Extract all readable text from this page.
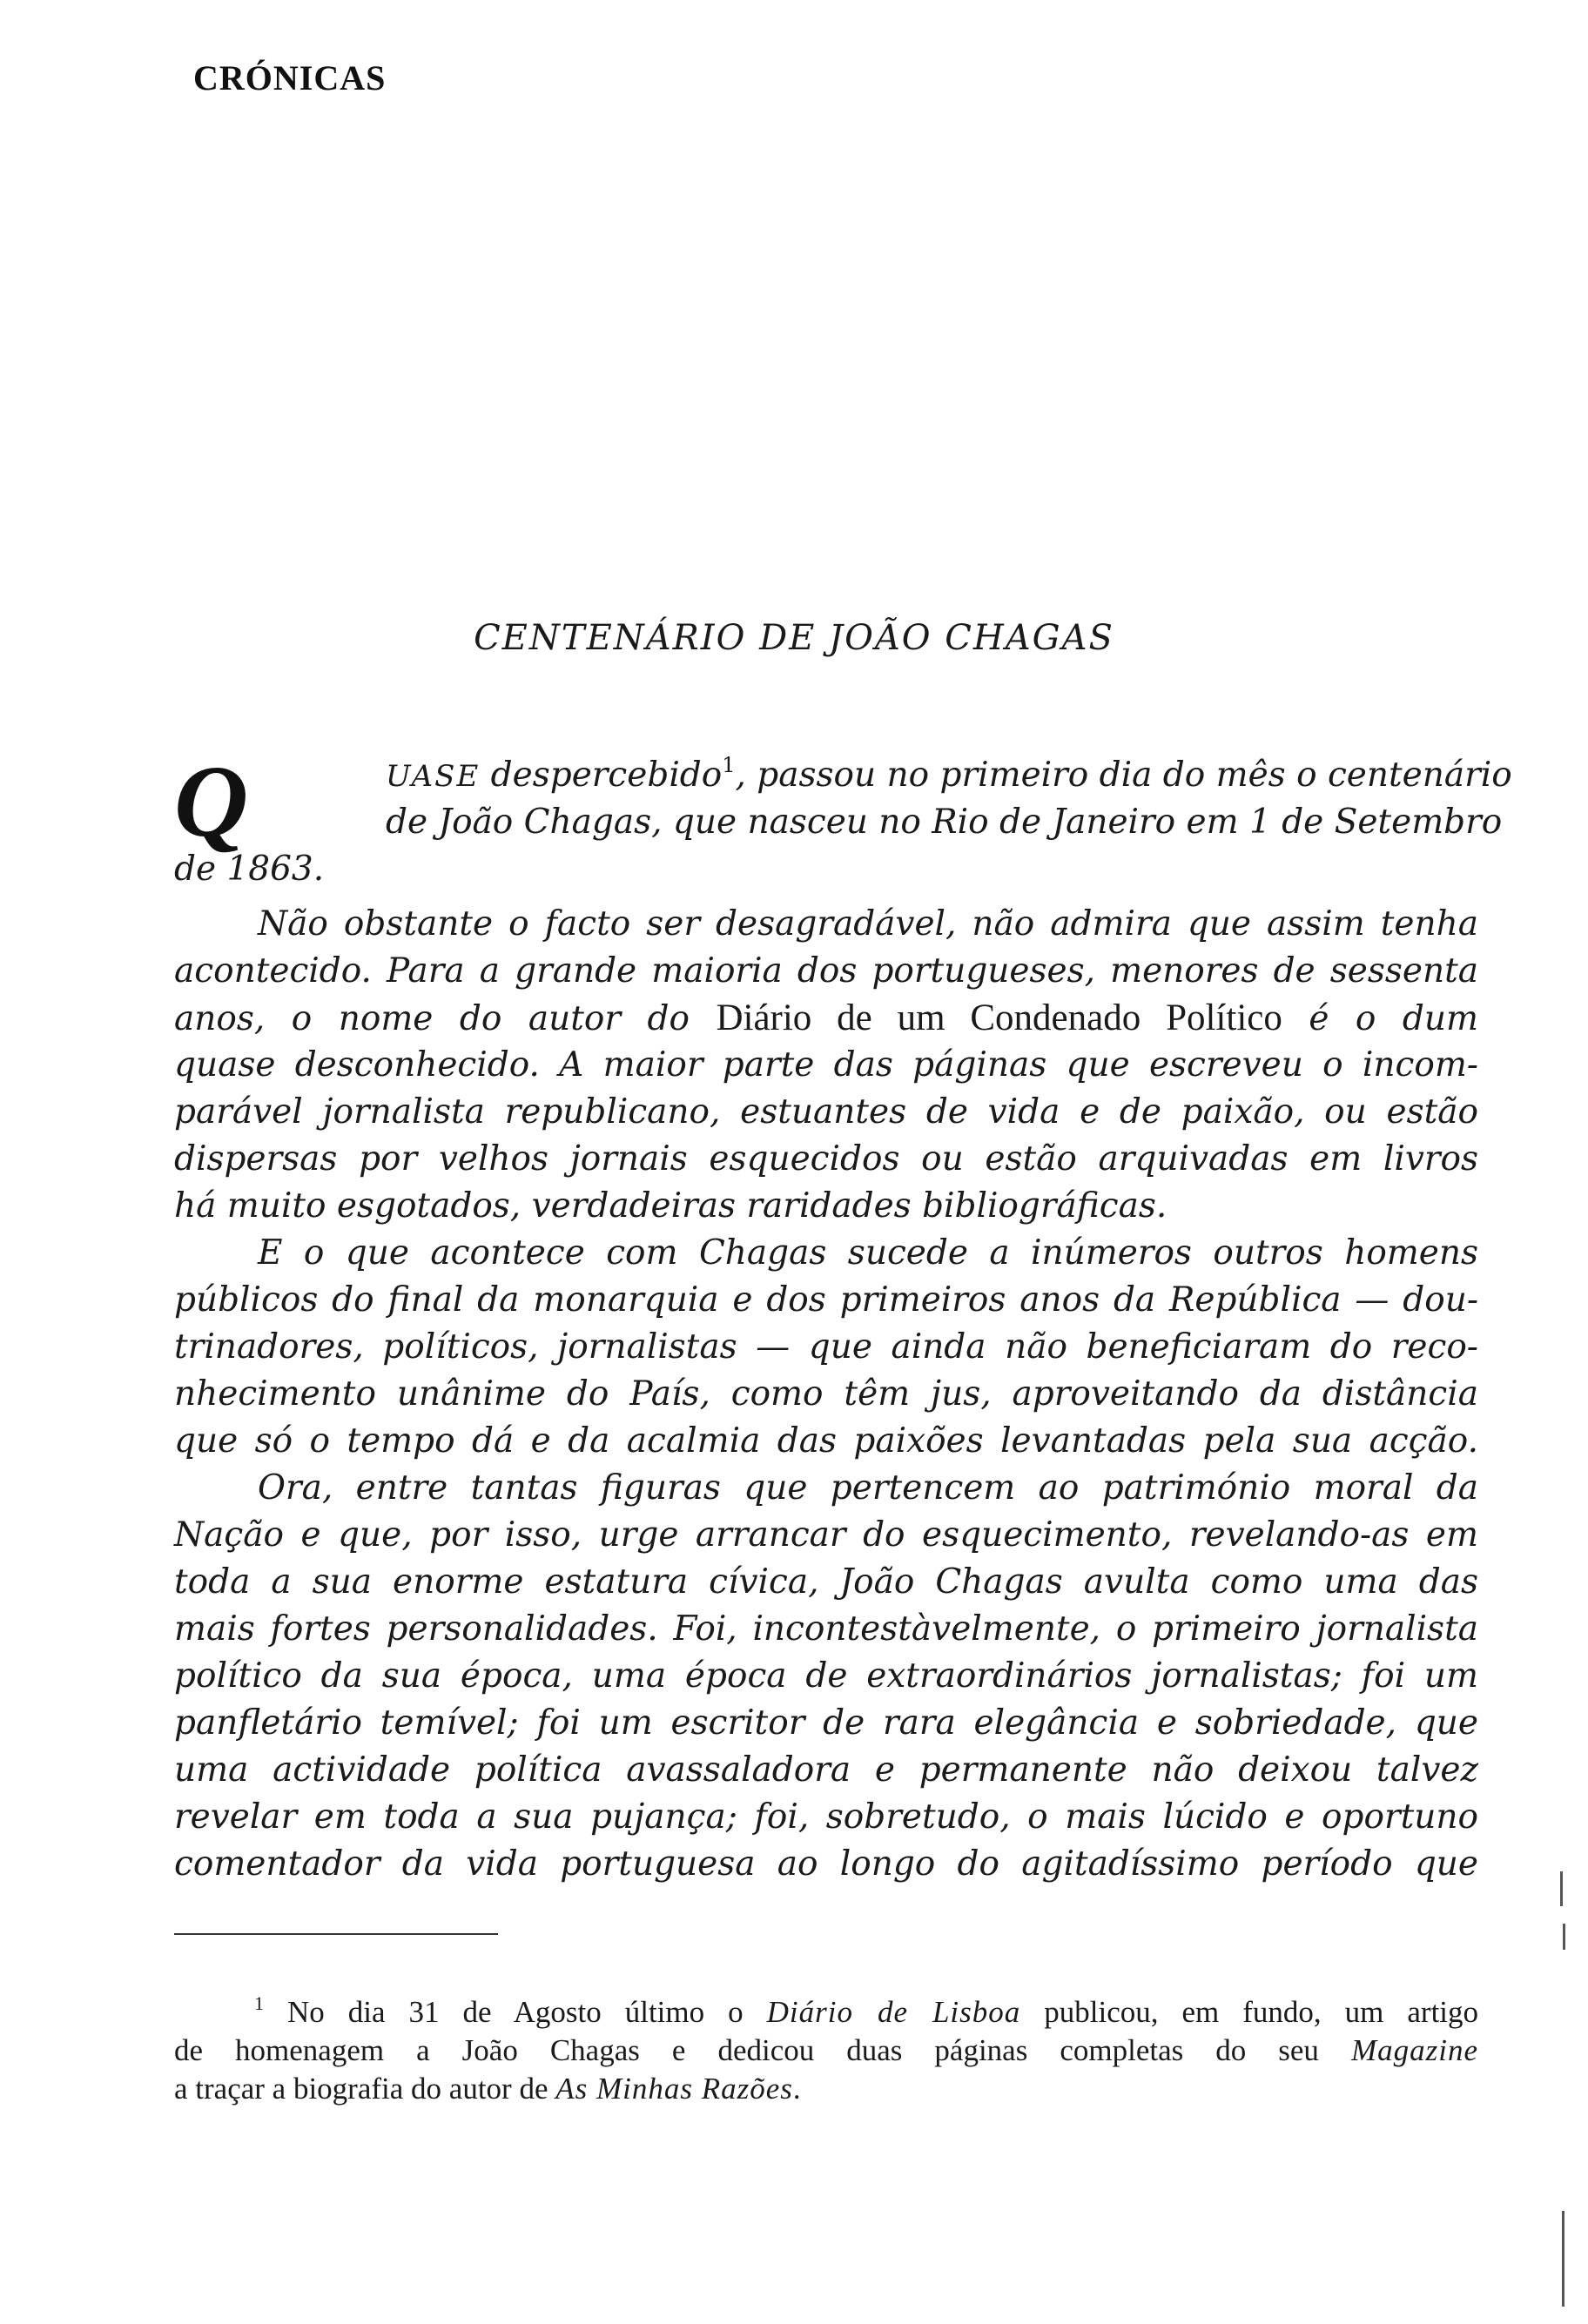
CRÓNICAS
CENTENÁRIO DE JOÃO CHAGAS
Q	UASE despercebido$^1$, passou no primeiro dia do mês o centenário
de João Chagas, que nasceu no Rio de Janeiro em 1 de Setembro
de 1863.
Não obstante o facto ser desagradável, não admira que assim tenha
acontecido. Para a grande maioria dos portugueses, menores de sessenta
anos, o nome do autor do Diário de um Condenado Político é o dum
quase desconhecido. A maior parte das páginas que escreveu o incom-
parável jornalista republicano, estuantes de vida e de paixão, ou estão
dispersas por velhos jornais esquecidos ou estão arquivadas em livros
há muito esgotados, verdadeiras raridades bibliográficas.
E o que acontece com Chagas sucede a inúmeros outros homens
públicos do final da monarquia e dos primeiros anos da República — dou-
trinadores, políticos, jornalistas — que ainda não beneficiaram do reco-
nhecimento unânime do País, como têm jus, aproveitando da distância
que só o tempo dá e da acalmia das paixões levantadas pela sua acção.
Ora, entre tantas figuras que pertencem ao património moral da
Nação e que, por isso, urge arrancar do esquecimento, revelando-as em
toda a sua enorme estatura cívica, João Chagas avulta como uma das
mais fortes personalidades. Foi, incontestàvelmente, o primeiro jornalista
político da sua época, uma época de extraordinários jornalistas; foi um
panfletário temível; foi um escritor de rara elegância e sobriedade, que
uma actividade política avassaladora e permanente não deixou talvez
revelar em toda a sua pujança; foi, sobretudo, o mais lúcido e oportuno
comentador da vida portuguesa ao longo do agitadíssimo período que
$^1$ No dia 31 de Agosto último o Diário de Lisboa publicou, em fundo, um artigo
de homenagem a João Chagas e dedicou duas páginas completas do seu Magazine
a traçar a biografia do autor de As Minhas Razões.
